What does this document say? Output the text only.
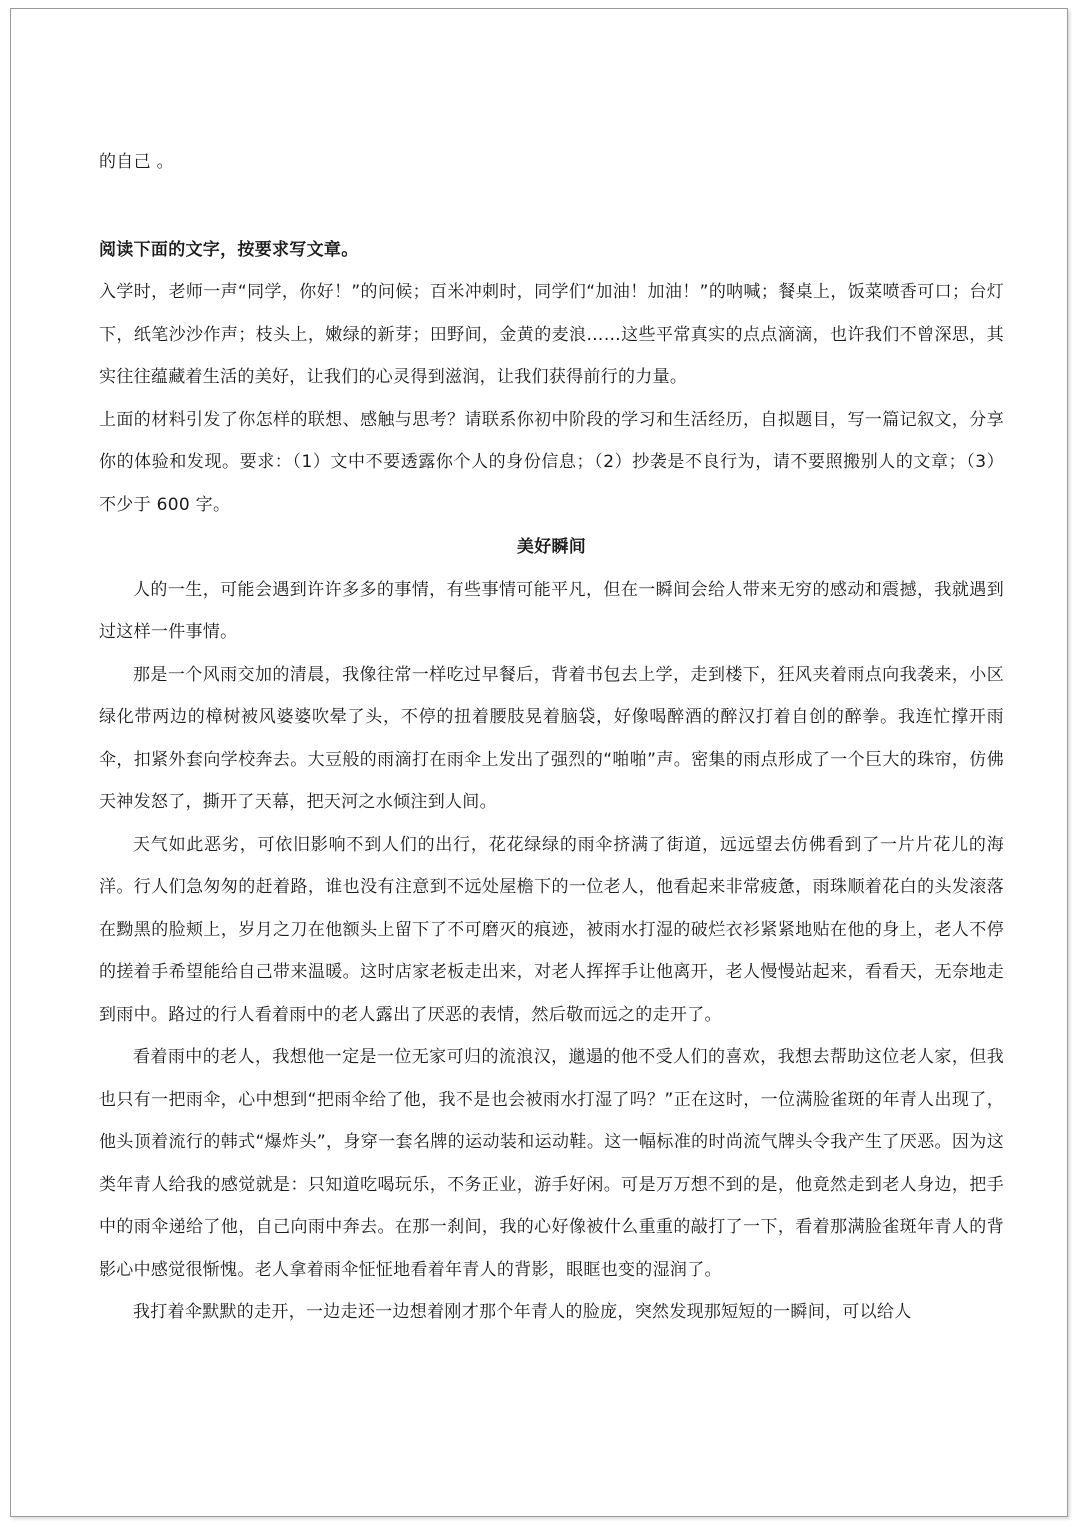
的自己 。

阅读下面的文字，按要求写文章。

入学时，老师一声“同学，你好！”的问候；百米冲刺时，同学们“加油！加油！”的呐喊；餐桌上，饭菜喷香可口；台灯下，纸笔沙沙作声；枝头上，嫩绿的新芽；田野间，金黄的麦浪……这些平常真实的点点滴滴，也许我们不曾深思，其实往往蕴藏着生活的美好，让我们的心灵得到滋润，让我们获得前行的力量。

上面的材料引发了你怎样的联想、感触与思考？请联系你初中阶段的学习和生活经历，自拟题目，写一篇记叙文，分享你的体验和发现。要求：（1）文中不要透露你个人的身份信息；（2）抄袭是不良行为，请不要照搬别人的文章；（3）不少于 600 字。

美好瞬间

人的一生，可能会遇到许许多多的事情，有些事情可能平凡，但在一瞬间会给人带来无穷的感动和震撼，我就遇到过这样一件事情。

那是一个风雨交加的清晨，我像往常一样吃过早餐后，背着书包去上学，走到楼下，狂风夹着雨点向我袭来，小区绿化带两边的樟树被风婆婆吹晕了头，不停的扭着腰肢晃着脑袋，好像喝醉酒的醉汉打着自创的醉拳。我连忙撑开雨伞，扣紧外套向学校奔去。大豆般的雨滴打在雨伞上发出了强烈的“啪啪”声。密集的雨点形成了一个巨大的珠帘，仿佛天神发怒了，撕开了天幕，把天河之水倾注到人间。

天气如此恶劣，可依旧影响不到人们的出行，花花绿绿的雨伞挤满了街道，远远望去仿佛看到了一片片花儿的海洋。行人们急匆匆的赶着路，谁也没有注意到不远处屋檐下的一位老人，他看起来非常疲惫，雨珠顺着花白的头发滚落在黝黑的脸颊上，岁月之刀在他额头上留下了不可磨灭的痕迹，被雨水打湿的破烂衣衫紧紧地贴在他的身上，老人不停的搓着手希望能给自己带来温暖。这时店家老板走出来，对老人挥挥手让他离开，老人慢慢站起来，看看天，无奈地走到雨中。路过的行人看着雨中的老人露出了厌恶的表情，然后敬而远之的走开了。

看着雨中的老人，我想他一定是一位无家可归的流浪汉，邋遢的他不受人们的喜欢，我想去帮助这位老人家，但我也只有一把雨伞，心中想到“把雨伞给了他，我不是也会被雨水打湿了吗？”正在这时，一位满脸雀斑的年青人出现了，他头顶着流行的韩式“爆炸头”，身穿一套名牌的运动装和运动鞋。这一幅标准的时尚流气牌头令我产生了厌恶。因为这类年青人给我的感觉就是：只知道吃喝玩乐，不务正业，游手好闲。可是万万想不到的是，他竟然走到老人身边，把手中的雨伞递给了他，自己向雨中奔去。在那一刹间，我的心好像被什么重重的敲打了一下，看着那满脸雀斑年青人的背影心中感觉很惭愧。老人拿着雨伞怔怔地看着年青人的背影，眼眶也变的湿润了。

我打着伞默默的走开，一边走还一边想着刚才那个年青人的脸庞，突然发现那短短的一瞬间，可以给人
